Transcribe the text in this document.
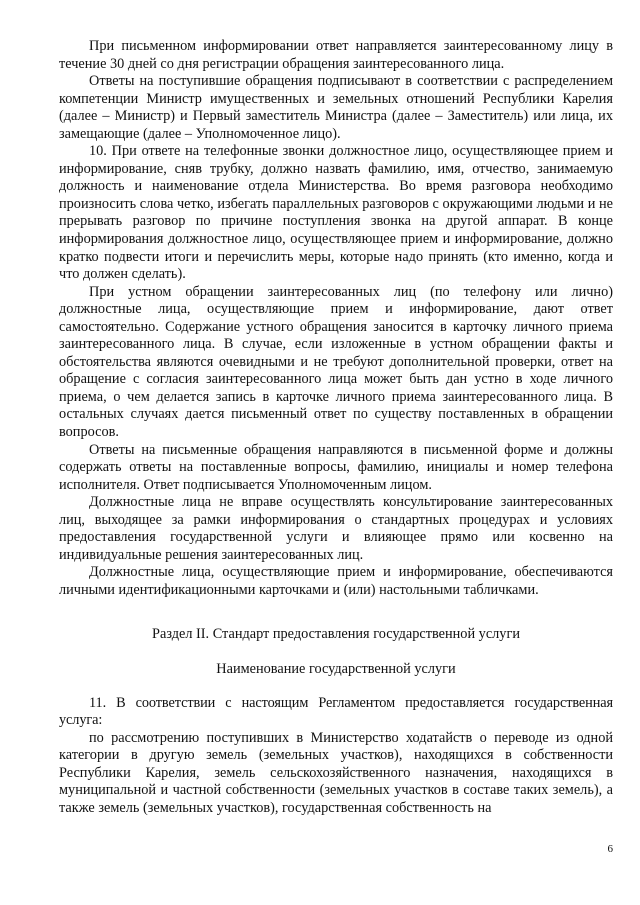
При письменном информировании ответ направляется заинтересованному лицу в течение 30 дней со дня регистрации обращения заинтересованного лица.

Ответы на поступившие обращения подписывают в соответствии с распределением компетенции Министр имущественных и земельных отношений Республики Карелия (далее – Министр) и Первый заместитель Министра (далее – Заместитель) или лица, их замещающие (далее – Уполномоченное лицо).

10. При ответе на телефонные звонки должностное лицо, осуществляющее прием и информирование, сняв трубку, должно назвать фамилию, имя, отчество, занимаемую должность и наименование отдела Министерства. Во время разговора необходимо произносить слова четко, избегать параллельных разговоров с окружающими людьми и не прерывать разговор по причине поступления звонка на другой аппарат. В конце информирования должностное лицо, осуществляющее прием и информирование, должно кратко подвести итоги и перечислить меры, которые надо принять (кто именно, когда и что должен сделать).

При устном обращении заинтересованных лиц (по телефону или лично) должностные лица, осуществляющие прием и информирование, дают ответ самостоятельно. Содержание устного обращения заносится в карточку личного приема заинтересованного лица. В случае, если изложенные в устном обращении факты и обстоятельства являются очевидными и не требуют дополнительной проверки, ответ на обращение с согласия заинтересованного лица может быть дан устно в ходе личного приема, о чем делается запись в карточке личного приема заинтересованного лица. В остальных случаях дается письменный ответ по существу поставленных в обращении вопросов.

Ответы на письменные обращения направляются в письменной форме и должны содержать ответы на поставленные вопросы, фамилию, инициалы и номер телефона исполнителя. Ответ подписывается Уполномоченным лицом.

Должностные лица не вправе осуществлять консультирование заинтересованных лиц, выходящее за рамки информирования о стандартных процедурах и условиях предоставления государственной услуги и влияющее прямо или косвенно на индивидуальные решения заинтересованных лиц.

Должностные лица, осуществляющие прием и информирование, обеспечиваются личными идентификационными карточками и (или) настольными табличками.

Раздел II. Стандарт предоставления государственной услуги

Наименование государственной услуги

11. В соответствии с настоящим Регламентом предоставляется государственная услуга:

по рассмотрению поступивших в Министерство ходатайств о переводе из одной категории в другую земель (земельных участков), находящихся в собственности Республики Карелия, земель сельскохозяйственного назначения, находящихся в муниципальной и частной собственности (земельных участков в составе таких земель), а также земель (земельных участков), государственная собственность на

6
